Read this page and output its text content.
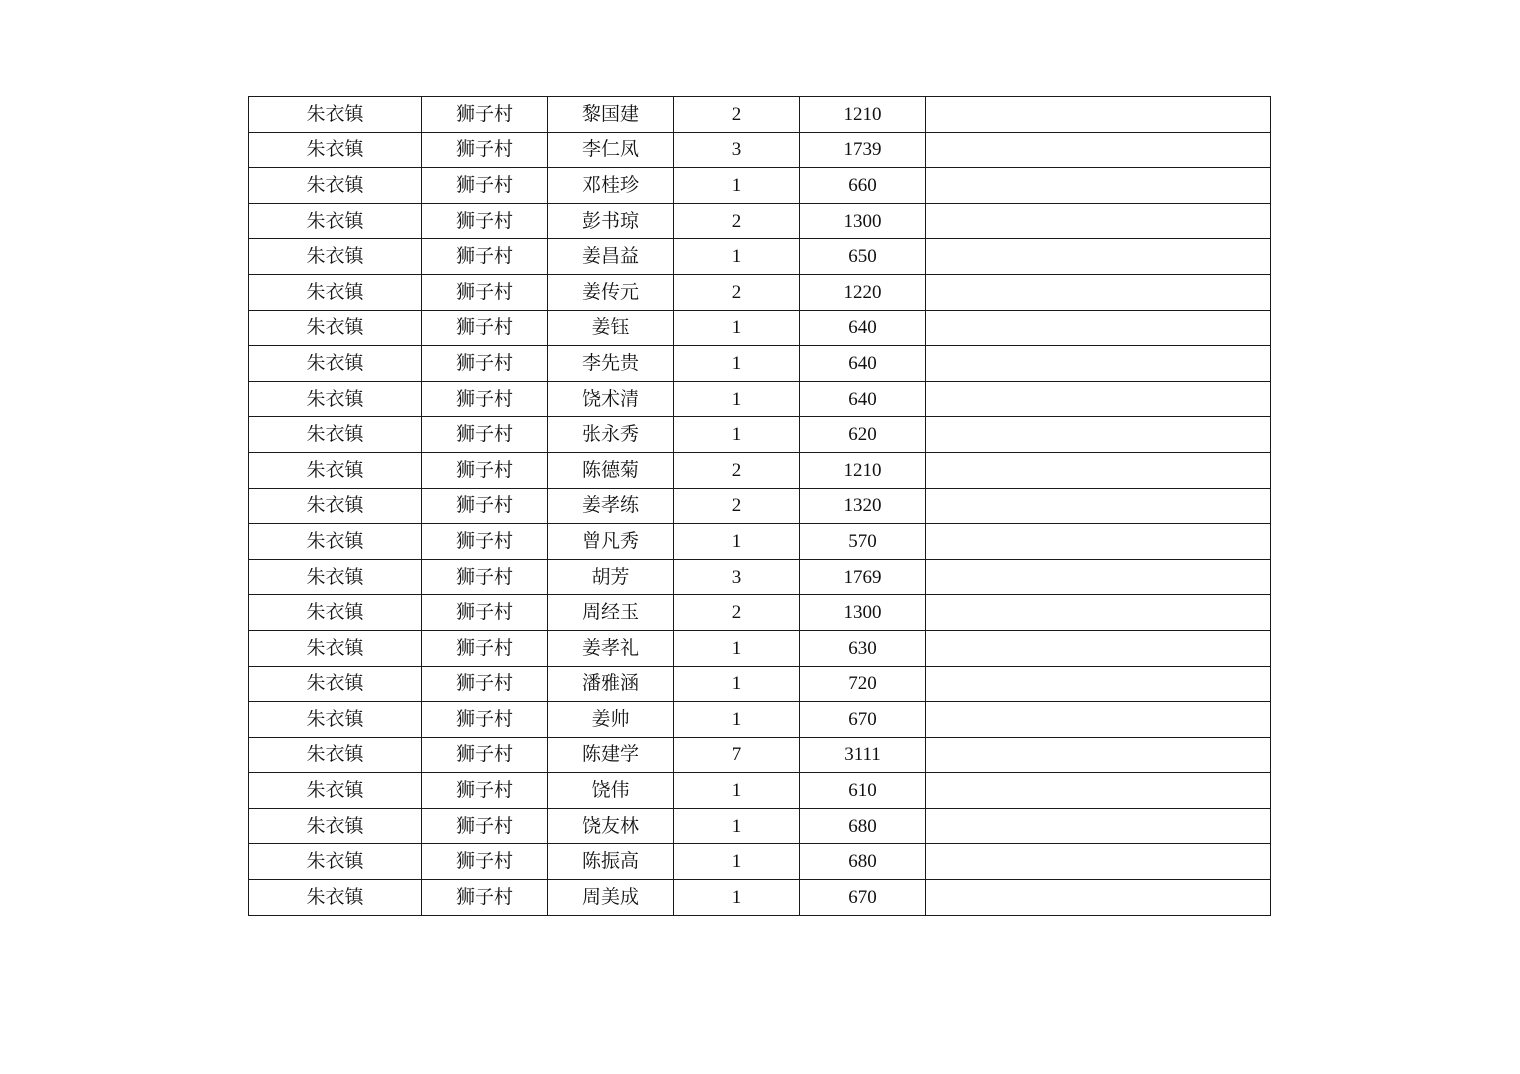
朱衣镇	狮子村	黎国建	2	1210	
朱衣镇	狮子村	李仁凤	3	1739	
朱衣镇	狮子村	邓桂珍	1	660	
朱衣镇	狮子村	彭书琼	2	1300	
朱衣镇	狮子村	姜昌益	1	650	
朱衣镇	狮子村	姜传元	2	1220	
朱衣镇	狮子村	姜钰	1	640	
朱衣镇	狮子村	李先贵	1	640	
朱衣镇	狮子村	饶术清	1	640	
朱衣镇	狮子村	张永秀	1	620	
朱衣镇	狮子村	陈德菊	2	1210	
朱衣镇	狮子村	姜孝练	2	1320	
朱衣镇	狮子村	曾凡秀	1	570	
朱衣镇	狮子村	胡芳	3	1769	
朱衣镇	狮子村	周经玉	2	1300	
朱衣镇	狮子村	姜孝礼	1	630	
朱衣镇	狮子村	潘雅涵	1	720	
朱衣镇	狮子村	姜帅	1	670	
朱衣镇	狮子村	陈建学	7	3111	
朱衣镇	狮子村	饶伟	1	610	
朱衣镇	狮子村	饶友林	1	680	
朱衣镇	狮子村	陈振高	1	680	
朱衣镇	狮子村	周美成	1	670	
